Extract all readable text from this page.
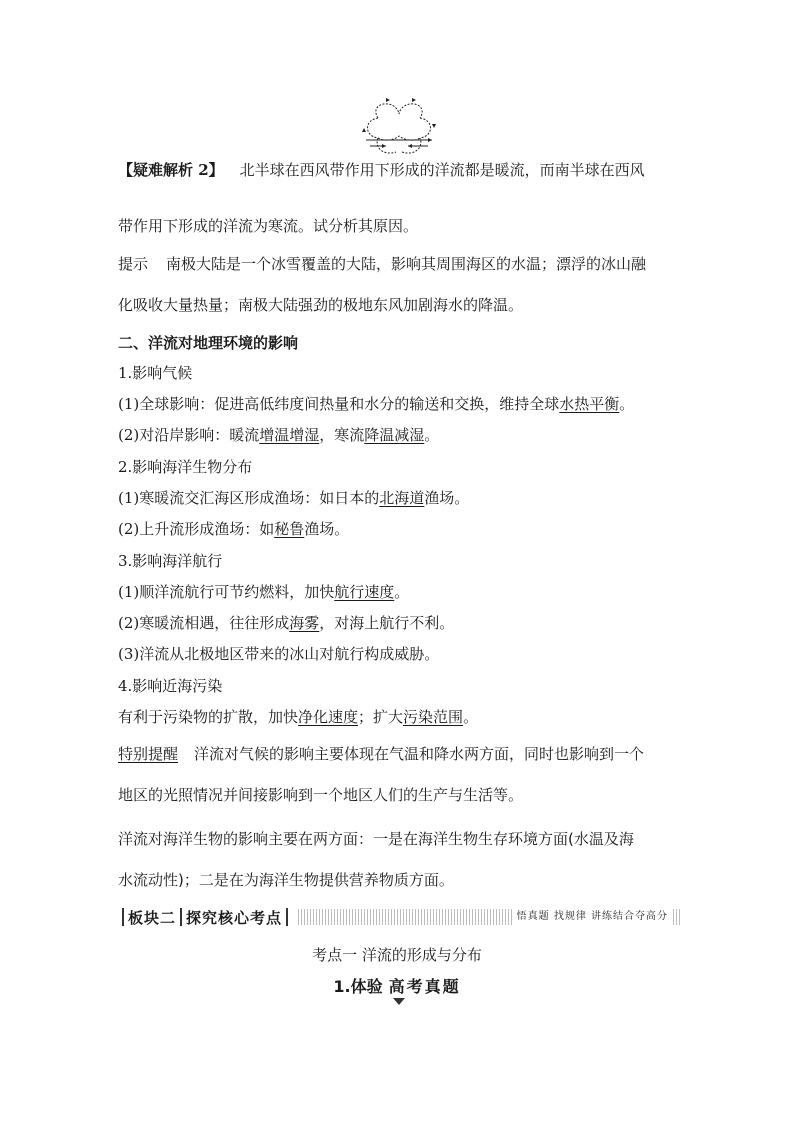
【疑难解析 2】 北半球在西风带作用下形成的洋流都是暖流，而南半球在西风
带作用下形成的洋流为寒流。试分析其原因。
提示 南极大陆是一个冰雪覆盖的大陆，影响其周围海区的水温；漂浮的冰山融
化吸收大量热量；南极大陆强劲的极地东风加剧海水的降温。
二、洋流对地理环境的影响
1.影响气候
(1)全球影响：促进高低纬度间热量和水分的输送和交换，维持全球水热平衡。
(2)对沿岸影响：暖流增温增湿，寒流降温减湿。
2.影响海洋生物分布
(1)寒暖流交汇海区形成渔场：如日本的北海道渔场。
(2)上升流形成渔场：如秘鲁渔场。
3.影响海洋航行
(1)顺洋流航行可节约燃料，加快航行速度。
(2)寒暖流相遇，往往形成海雾，对海上航行不利。
(3)洋流从北极地区带来的冰山对航行构成威胁。
4.影响近海污染
有利于污染物的扩散，加快净化速度；扩大污染范围。
特别提醒 洋流对气候的影响主要体现在气温和降水两方面，同时也影响到一个
地区的光照情况并间接影响到一个地区人们的生产与生活等。
洋流对海洋生物的影响主要在两方面：一是在海洋生物生存环境方面(水温及海
水流动性)；二是在为海洋生物提供营养物质方面。
板块二 探究核心考点	悟真题 找规律 讲练结合夺高分
考点一 洋流的形成与分布
1.体验 高考真题
